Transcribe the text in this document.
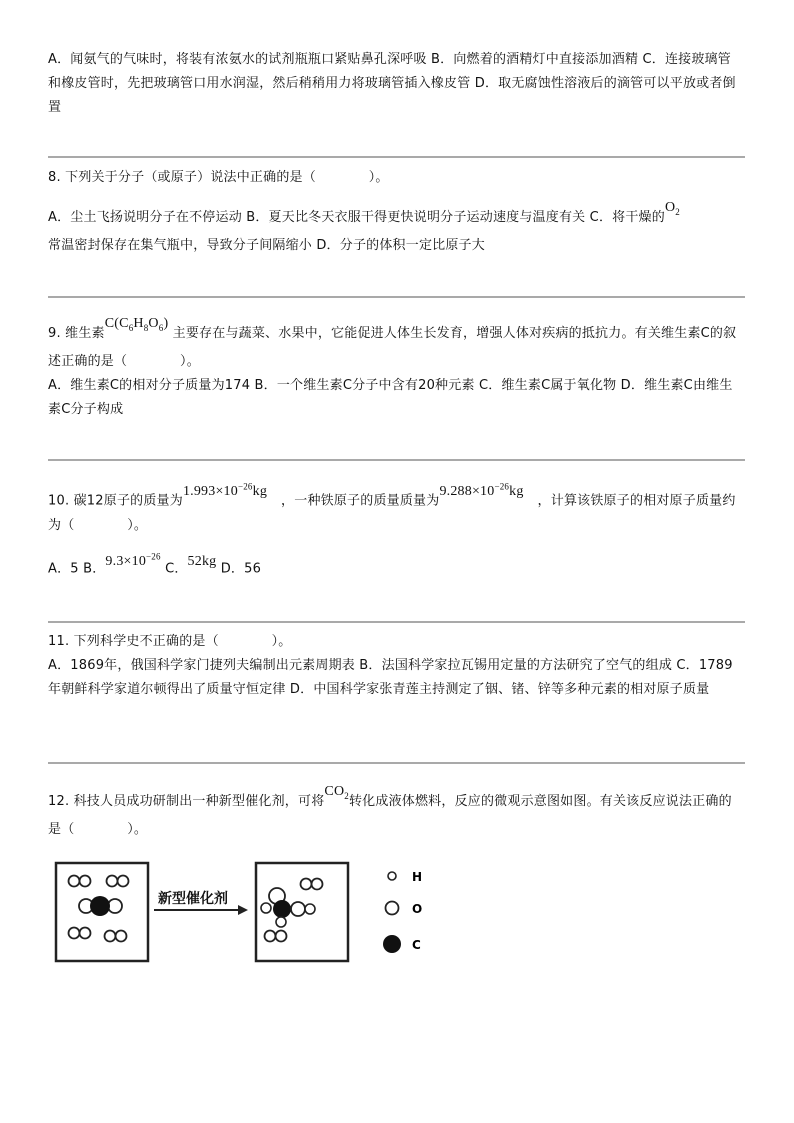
A．闻氨气的气味时，将装有浓氨水的试剂瓶瓶口紧贴鼻孔深呼吸 B．向燃着的酒精灯中直接添加酒精 C．连接玻璃管和橡皮管时，先把玻璃管口用水润湿，然后稍稍用力将玻璃管插入橡皮管 D．取无腐蚀性溶液后的滴管可以平放或者倒置
8. 下列关于分子（或原子）说法中正确的是（　　　　）。
A．尘土飞扬说明分子在不停运动 B．夏天比冬天衣服干得更快说明分子运动速度与温度有关 C．将干燥的$O_2$
常温密封保存在集气瓶中，导致分子间隔缩小 D．分子的体积一定比原子大
9. 维生素$C(C_6H_8O_6)$ 主要存在与蔬菜、水果中，它能促进人体生长发育，增强人体对疾病的抵抗力。有关维生素C的叙述正确的是（　　　　）。
A．维生素C的相对分子质量为174 B．一个维生素C分子中含有20种元素 C．维生素C属于氧化物 D．维生素C由维生素C分子构成
10. 碳12原子的质量为$1.993\times 10^{-26}kg$，一种铁原子的质量质量为$9.288\times 10^{-26}kg$，计算该铁原子的相对原子质量约为（　　　　）。
A．5 B．$9.3\times 10^{-26}$ C．52kg D．56
11. 下列科学史不正确的是（　　　　）。
A．1869年，俄国科学家门捷列夫编制出元素周期表 B．法国科学家拉瓦锡用定量的方法研究了空气的组成 C．1789年朝鲜科学家道尔顿得出了质量守恒定律 D．中国科学家张青莲主持测定了铟、锗、锌等多种元素的相对原子质量
12. 科技人员成功研制出一种新型催化剂，可将$CO_2$转化成液体燃料，反应的微观示意图如图。有关该反应说法正确的是（　　　　）。
新型催化剂
H
O
C
